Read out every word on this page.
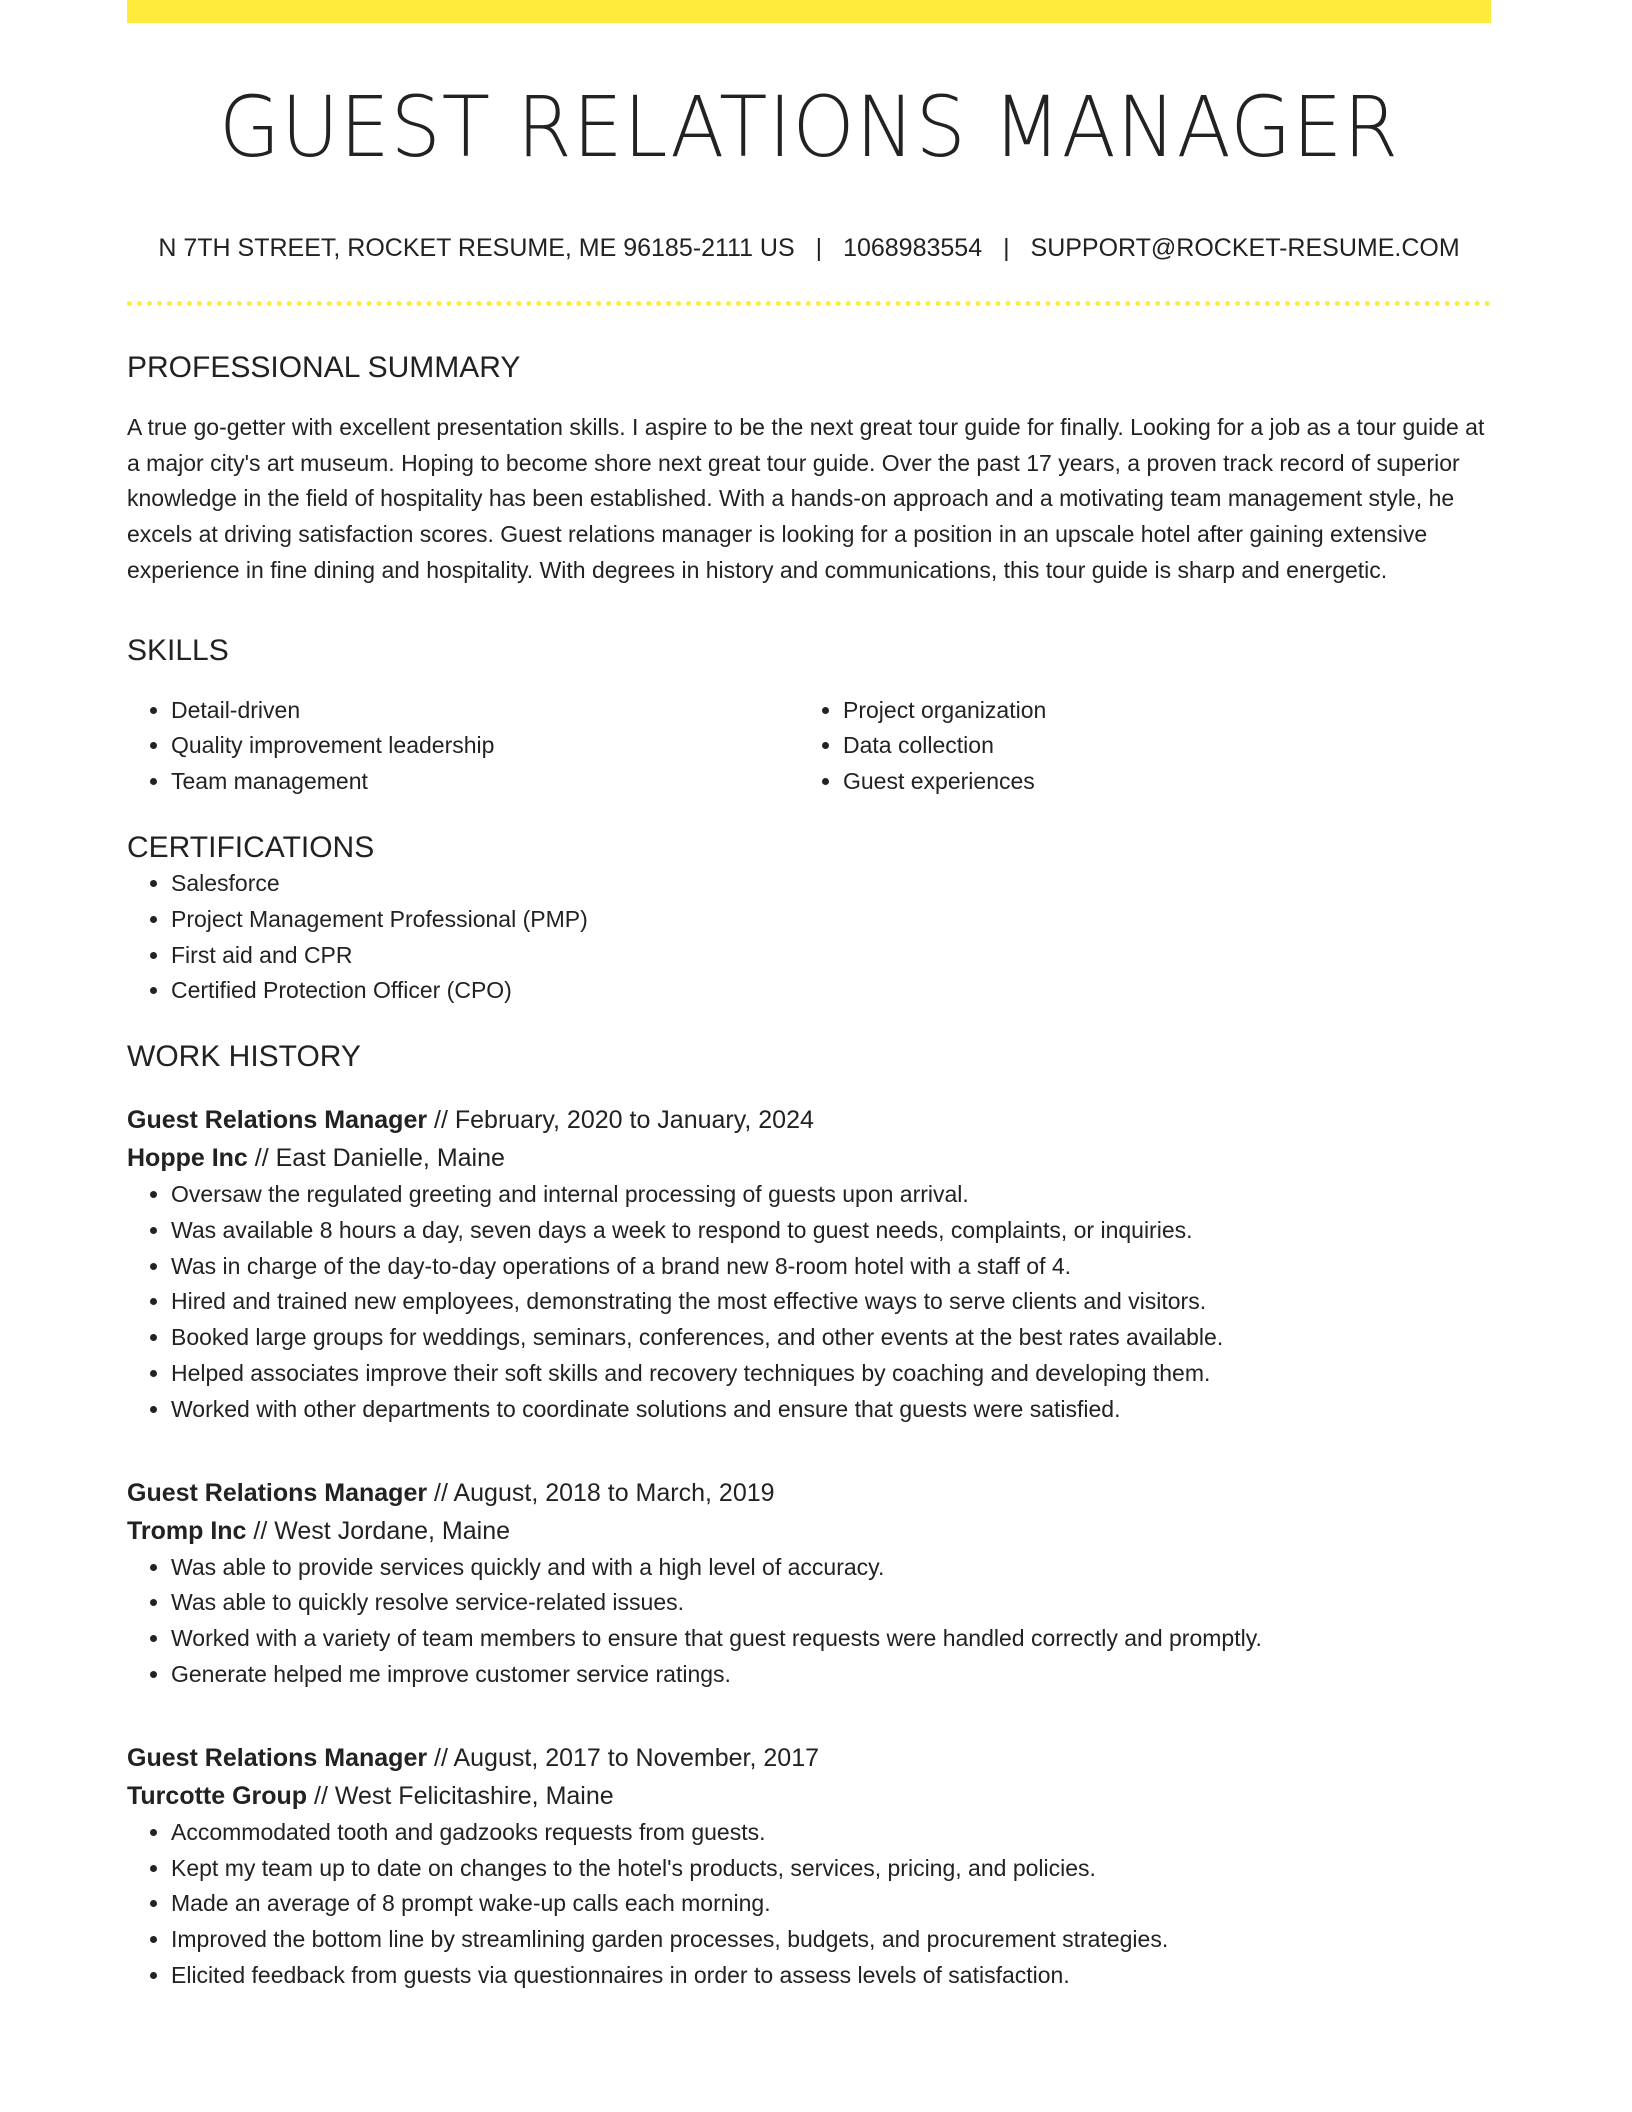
GUEST RELATIONS MANAGER
N 7TH STREET, ROCKET RESUME, ME 96185-2111 US | 1068983554 | SUPPORT@ROCKET-RESUME.COM
PROFESSIONAL SUMMARY

A true go-getter with excellent presentation skills. I aspire to be the next great tour guide for finally. Looking for a job as a tour guide at a major city's art museum. Hoping to become shore next great tour guide. Over the past 17 years, a proven track record of superior knowledge in the field of hospitality has been established. With a hands-on approach and a motivating team management style, he excels at driving satisfaction scores. Guest relations manager is looking for a position in an upscale hotel after gaining extensive experience in fine dining and hospitality. With degrees in history and communications, this tour guide is sharp and energetic.

SKILLS
• Detail-driven
• Quality improvement leadership
• Team management
• Project organization
• Data collection
• Guest experiences
CERTIFICATIONS
• Salesforce
• Project Management Professional (PMP)
• First aid and CPR
• Certified Protection Officer (CPO)
WORK HISTORY
Guest Relations Manager // February, 2020 to January, 2024
Hoppe Inc // East Danielle, Maine
• Oversaw the regulated greeting and internal processing of guests upon arrival.
• Was available 8 hours a day, seven days a week to respond to guest needs, complaints, or inquiries.
• Was in charge of the day-to-day operations of a brand new 8-room hotel with a staff of 4.
• Hired and trained new employees, demonstrating the most effective ways to serve clients and visitors.
• Booked large groups for weddings, seminars, conferences, and other events at the best rates available.
• Helped associates improve their soft skills and recovery techniques by coaching and developing them.
• Worked with other departments to coordinate solutions and ensure that guests were satisfied.
Guest Relations Manager // August, 2018 to March, 2019
Tromp Inc // West Jordane, Maine
• Was able to provide services quickly and with a high level of accuracy.
• Was able to quickly resolve service-related issues.
• Worked with a variety of team members to ensure that guest requests were handled correctly and promptly.
• Generate helped me improve customer service ratings.
Guest Relations Manager // August, 2017 to November, 2017
Turcotte Group // West Felicitashire, Maine
• Accommodated tooth and gadzooks requests from guests.
• Kept my team up to date on changes to the hotel's products, services, pricing, and policies.
• Made an average of 8 prompt wake-up calls each morning.
• Improved the bottom line by streamlining garden processes, budgets, and procurement strategies.
• Elicited feedback from guests via questionnaires in order to assess levels of satisfaction.
